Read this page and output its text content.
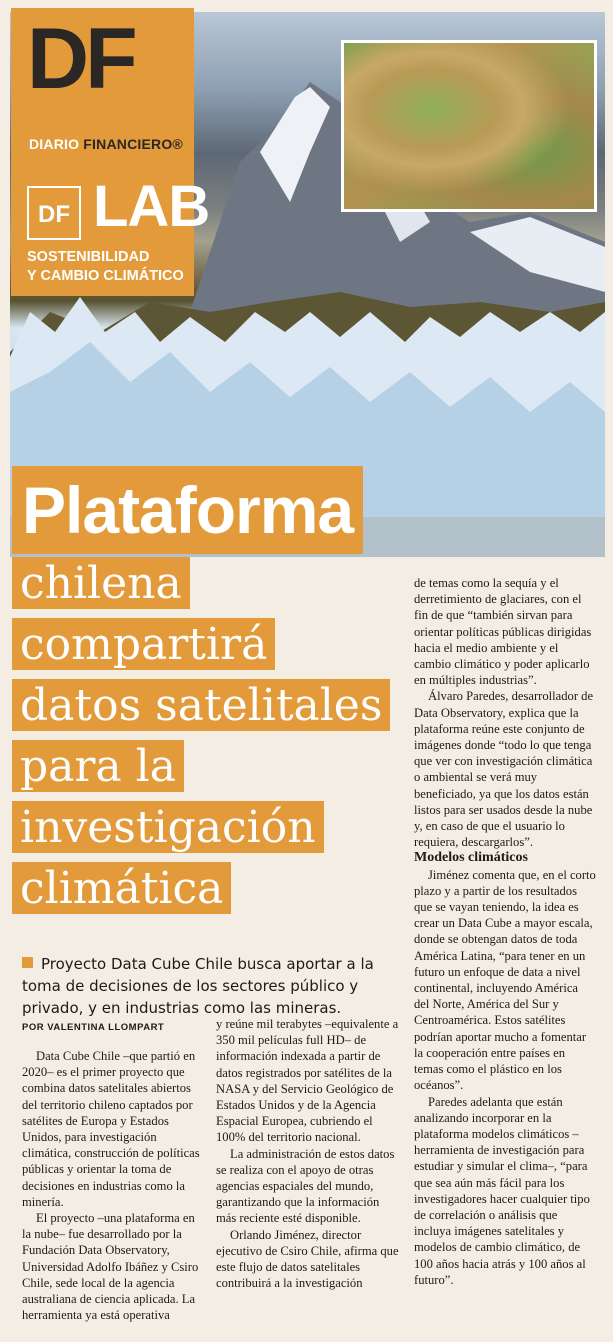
DF
DIARIO FINANCIERO®
DF LAB
SOSTENIBILIDAD
Y CAMBIO CLIMÁTICO
Plataforma
chilena
compartirá
datos satelitales
para la
investigación
climática
Proyecto Data Cube Chile busca aportar a la toma de decisiones de los sectores público y privado, y en industrias como las mineras.
POR VALENTINA LLOMPART

Data Cube Chile –que partió en 2020– es el primer proyecto que combina datos satelitales abiertos del territorio chileno captados por satélites de Europa y Estados Unidos, para investigación climática, construcción de políticas públicas y orientar la toma de decisiones en industrias como la minería.

El proyecto –una plataforma en la nube– fue desarrollado por la Fundación Data Observatory, Universidad Adolfo Ibáñez y Csiro Chile, sede local de la agencia australiana de ciencia aplicada. La herramienta ya está operativa

y reúne mil terabytes –equivalente a 350 mil películas full HD– de información indexada a partir de datos registrados por satélites de la NASA y del Servicio Geológico de Estados Unidos y de la Agencia Espacial Europea, cubriendo el 100% del territorio nacional.

La administración de estos datos se realiza con el apoyo de otras agencias espaciales del mundo, garantizando que la información más reciente esté disponible.

Orlando Jiménez, director ejecutivo de Csiro Chile, afirma que este flujo de datos satelitales contribuirá a la investigación

de temas como la sequía y el derretimiento de glaciares, con el fin de que “también sirvan para orientar políticas públicas dirigidas hacia el medio ambiente y el cambio climático y poder aplicarlo en múltiples industrias”.

Álvaro Paredes, desarrollador de Data Observatory, explica que la plataforma reúne este conjunto de imágenes donde “todo lo que tenga que ver con investigación climática o ambiental se verá muy beneficiado, ya que los datos están listos para ser usados desde la nube y, en caso de que el usuario lo requiera, descargarlos”.

Modelos climáticos

Jiménez comenta que, en el corto plazo y a partir de los resultados que se vayan teniendo, la idea es crear un Data Cube a mayor escala, donde se obtengan datos de toda América Latina, “para tener en un futuro un enfoque de data a nivel continental, incluyendo América del Norte, América del Sur y Centroamérica. Estos satélites podrían aportar mucho a fomentar la cooperación entre países en temas como el plástico en los océanos”.

Paredes adelanta que están analizando incorporar en la plataforma modelos climáticos –herramienta de investigación para estudiar y simular el clima–, “para que sea aún más fácil para los investigadores hacer cualquier tipo de correlación o análisis que incluya imágenes satelitales y modelos de cambio climático, de 100 años hacia atrás y 100 años al futuro”.
